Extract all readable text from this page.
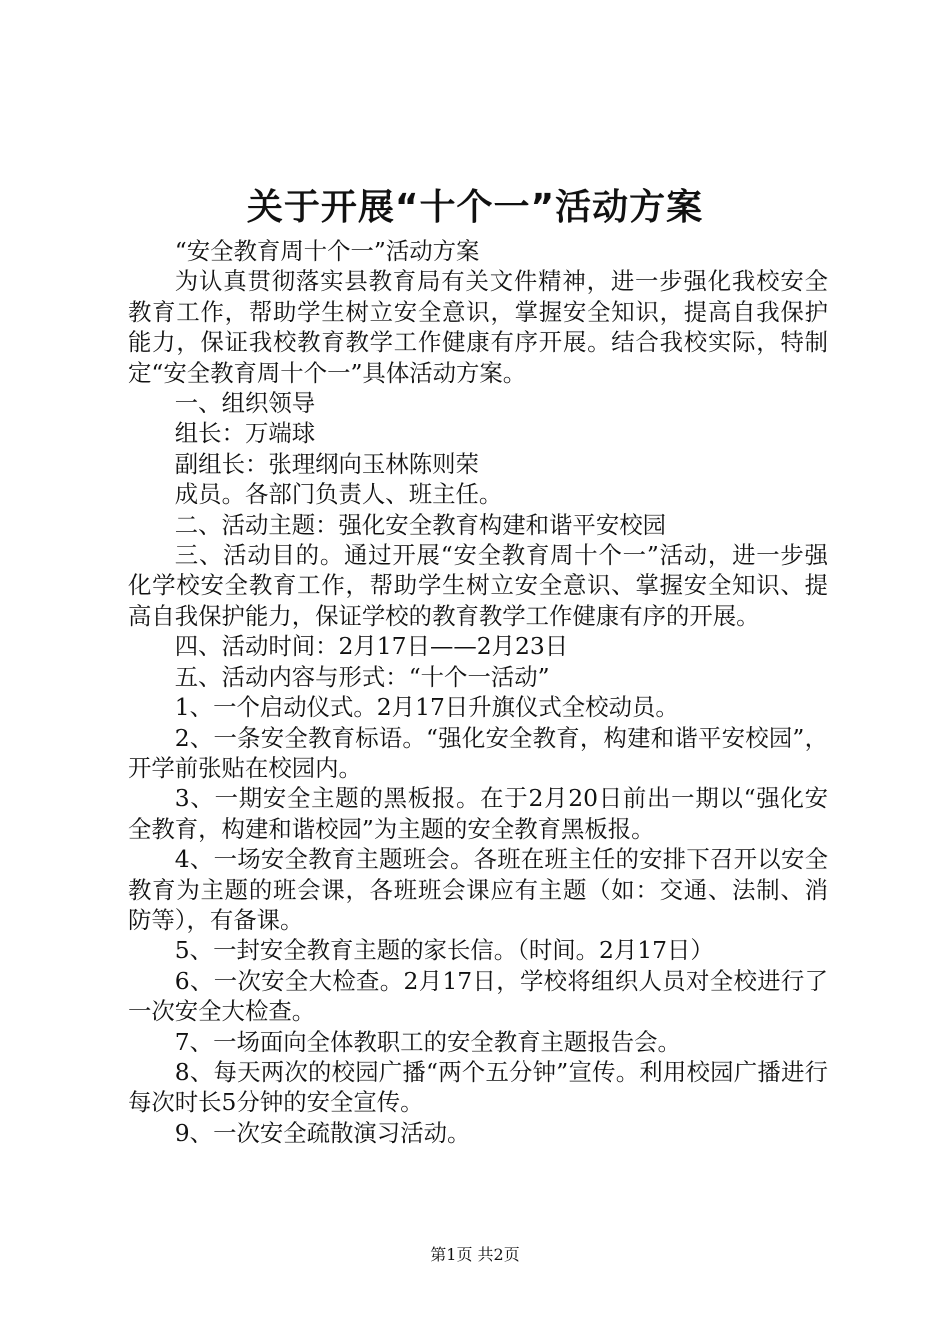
关于开展“十个一”活动方案

“安全教育周十个一”活动方案

为认真贯彻落实县教育局有关文件精神，进一步强化我校安全教育工作，帮助学生树立安全意识，掌握安全知识，提高自我保护能力，保证我校教育教学工作健康有序开展。结合我校实际，特制定“安全教育周十个一”具体活动方案。

一、组织领导

组长：万端球

副组长：张理纲向玉林陈则荣

成员。各部门负责人、班主任。

二、活动主题：强化安全教育构建和谐平安校园

三、活动目的。通过开展“安全教育周十个一”活动，进一步强化学校安全教育工作，帮助学生树立安全意识、掌握安全知识、提高自我保护能力，保证学校的教育教学工作健康有序的开展。

四、活动时间：2月17日——2月23日

五、活动内容与形式：“十个一活动”

1、一个启动仪式。2月17日升旗仪式全校动员。

2、一条安全教育标语。“强化安全教育，构建和谐平安校园”，开学前张贴在校园内。

3、一期安全主题的黑板报。在于2月20日前出一期以“强化安全教育，构建和谐校园”为主题的安全教育黑板报。

4、一场安全教育主题班会。各班在班主任的安排下召开以安全教育为主题的班会课，各班班会课应有主题（如：交通、法制、消防等），有备课。

5、一封安全教育主题的家长信。（时间。2月17日）

6、一次安全大检查。2月17日，学校将组织人员对全校进行了一次安全大检查。

7、一场面向全体教职工的安全教育主题报告会。

8、每天两次的校园广播“两个五分钟”宣传。利用校园广播进行每次时长5分钟的安全宣传。

9、一次安全疏散演习活动。

第1页 共2页
